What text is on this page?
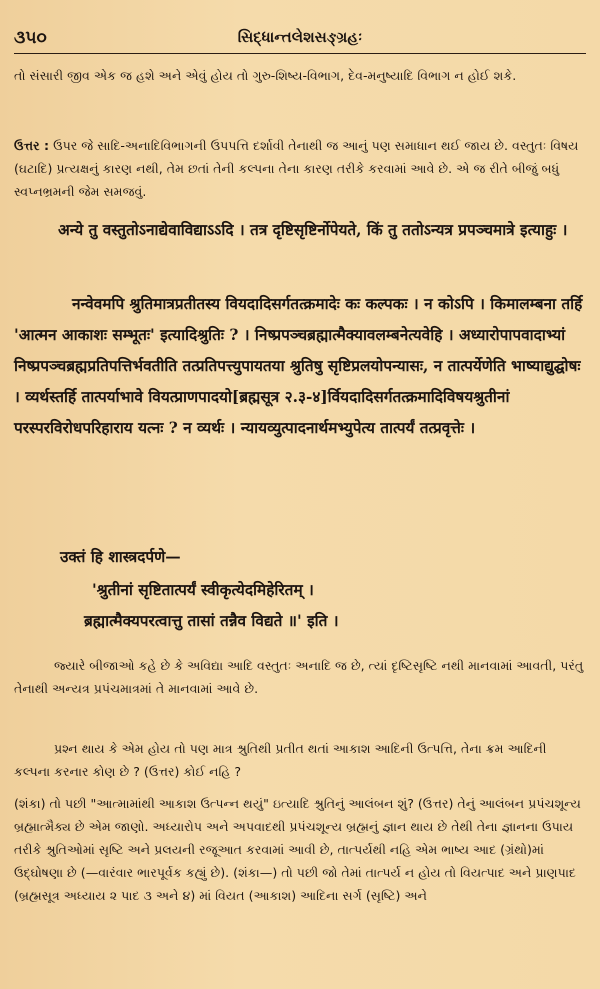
૩૫૦	સિદ્ધાન્તલેશસઙ્ગ્રહઃ

તો સંસારી જીવ એક જ હશે અને એવું હોય તો ગુરુ-શિષ્ય-વિભાગ, દેવ-મનુષ્યાદિ વિભાગ ન હોઈ શકે.

ઉત્તર : ઉપર જે સાદિ-અનાદિવિભાગની ઉપપત્તિ દર્શાવી તેનાથી જ આનું પણ સમાધાન થઈ જાય છે. વસ્તુતઃ વિષય (ઘટાદિ) પ્રત્યક્ષનું કારણ નથી, તેમ છતાં તેની કલ્પના તેના કારણ તરીકે કરવામાં આવે છે. એ જ રીતે બીજું બધું સ્વપ્નભ્રમની જેમ સમજવું.

अन्ये तु वस्तुतोऽनाद्येवाविद्याऽऽदि । तत्र दृष्टिसृष्टिर्नोपेयते, किं तु ततोऽन्यत्र प्रपञ्चमात्रे इत्याहुः ।

नन्वेवमपि श्रुतिमात्रप्रतीतस्य वियदादिसर्गतत्क्रमादेः कः कल्पकः । न कोऽपि । किमालम्बना तर्हि 'आत्मन आकाशः सम्भूतः' इत्यादिश्रुतिः ? । निष्प्रपञ्चब्रह्मात्मैक्यावलम्बनेत्यवेहि । अध्यारोपापवादाभ्यां निष्प्रपञ्चब्रह्मप्रतिपत्तिर्भवतीति तत्प्रतिपत्त्युपायतया श्रुतिषु सृष्टिप्रलयोपन्यासः, न तात्पर्येणेति भाष्याद्युद्घोषः । व्यर्थस्तर्हि तात्पर्याभावे वियत्प्राणपादयो[ब्रह्मसूत्र २.३-४]र्वियदादिसर्गतत्क्रमादिविषयश्रुतीनां परस्परविरोधपरिहाराय यत्नः ? न व्यर्थः । न्यायव्युत्पादनार्थमभ्युपेत्य तात्पर्यं तत्प्रवृत्तेः ।

उक्तं हि शास्त्रदर्पणे—

'श्रुतीनां सृष्टितात्पर्यं स्वीकृत्येदमिहेरितम् ।

ब्रह्मात्मैक्यपरत्वात्तु तासां तन्नैव विद्यते ॥' इति ।

જ્યારે બીજાઓ કહે છે કે અવિદ્યા આદિ વસ્તુતઃ અનાદિ જ છે, ત્યાં દૃષ્ટિસૃષ્ટિ નથી માનવામાં આવતી, પરંતુ તેનાથી અન્યત્ર પ્રપંચમાત્રમાં તે માનવામાં આવે છે.

પ્રશ્ન થાય કે એમ હોય તો પણ માત્ર શ્રુતિથી પ્રતીત થતાં આકાશ આદિની ઉત્પત્તિ, તેના ક્રમ આદિની કલ્પના કરનાર કોણ છે ? (ઉત્તર) કોઈ નહિ ?

(શંકા) તો પછી "આત્મામાંથી આકાશ ઉત્પન્ન થયું" ઇત્યાદિ શ્રુતિનું આલંબન શું? (ઉત્તર) તેનું આલંબન પ્રપંચશૂન્ય બ્રહ્માત્મૈક્ય છે એમ જાણો. અધ્યારોપ અને અપવાદથી પ્રપંચશૂન્ય બ્રહ્મનું જ્ઞાન થાય છે તેથી તેના જ્ઞાનના ઉપાય તરીકે શ્રુતિઓમાં સૃષ્ટિ અને પ્રલયની રજૂઆત કરવામાં આવી છે, તાત્પર્યથી નહિ એમ ભાષ્ય આદ (ગ્રંથો)માં ઉદ્ઘોષણા છે (—વારંવાર ભારપૂર્વક કહ્યું છે). (શંકા—) તો પછી જો તેમાં તાત્પર્ય ન હોય તો વિયત્પાદ અને પ્રાણપાદ (બ્રહ્મસૂત્ર અધ્યાય ૨ પાદ ૩ અને ૪) માં વિયત (આકાશ) આદિના સર્ગ (સૃષ્ટિ) અને
